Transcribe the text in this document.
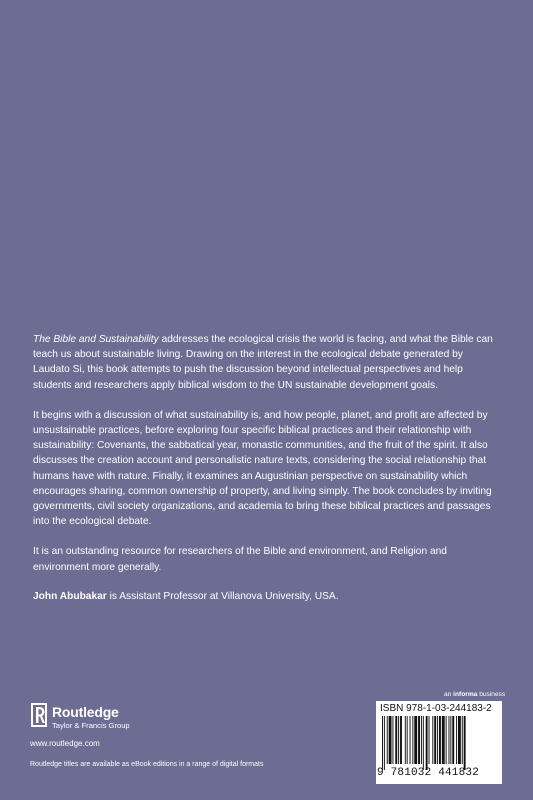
The Bible and Sustainability addresses the ecological crisis the world is facing, and what the Bible can teach us about sustainable living. Drawing on the interest in the ecological debate generated by Laudato Si, this book attempts to push the discussion beyond intellectual perspectives and help students and researchers apply biblical wisdom to the UN sustainable development goals.

It begins with a discussion of what sustainability is, and how people, planet, and profit are affected by unsustainable practices, before exploring four specific biblical practices and their relationship with sustainability: Covenants, the sabbatical year, monastic communities, and the fruit of the spirit. It also discusses the creation account and personalistic nature texts, considering the social relationship that humans have with nature. Finally, it examines an Augustinian perspective on sustainability which encourages sharing, common ownership of property, and living simply. The book concludes by inviting governments, civil society organizations, and academia to bring these biblical practices and passages into the ecological debate.

It is an outstanding resource for researchers of the Bible and environment, and Religion and environment more generally.

John Abubakar is Assistant Professor at Villanova University, USA.

Routledge
Taylor & Francis Group
www.routledge.com
Routledge titles are available as eBook editions in a range of digital formats
an informa business
ISBN 978-1-03-244183-2
9 781032 441832
